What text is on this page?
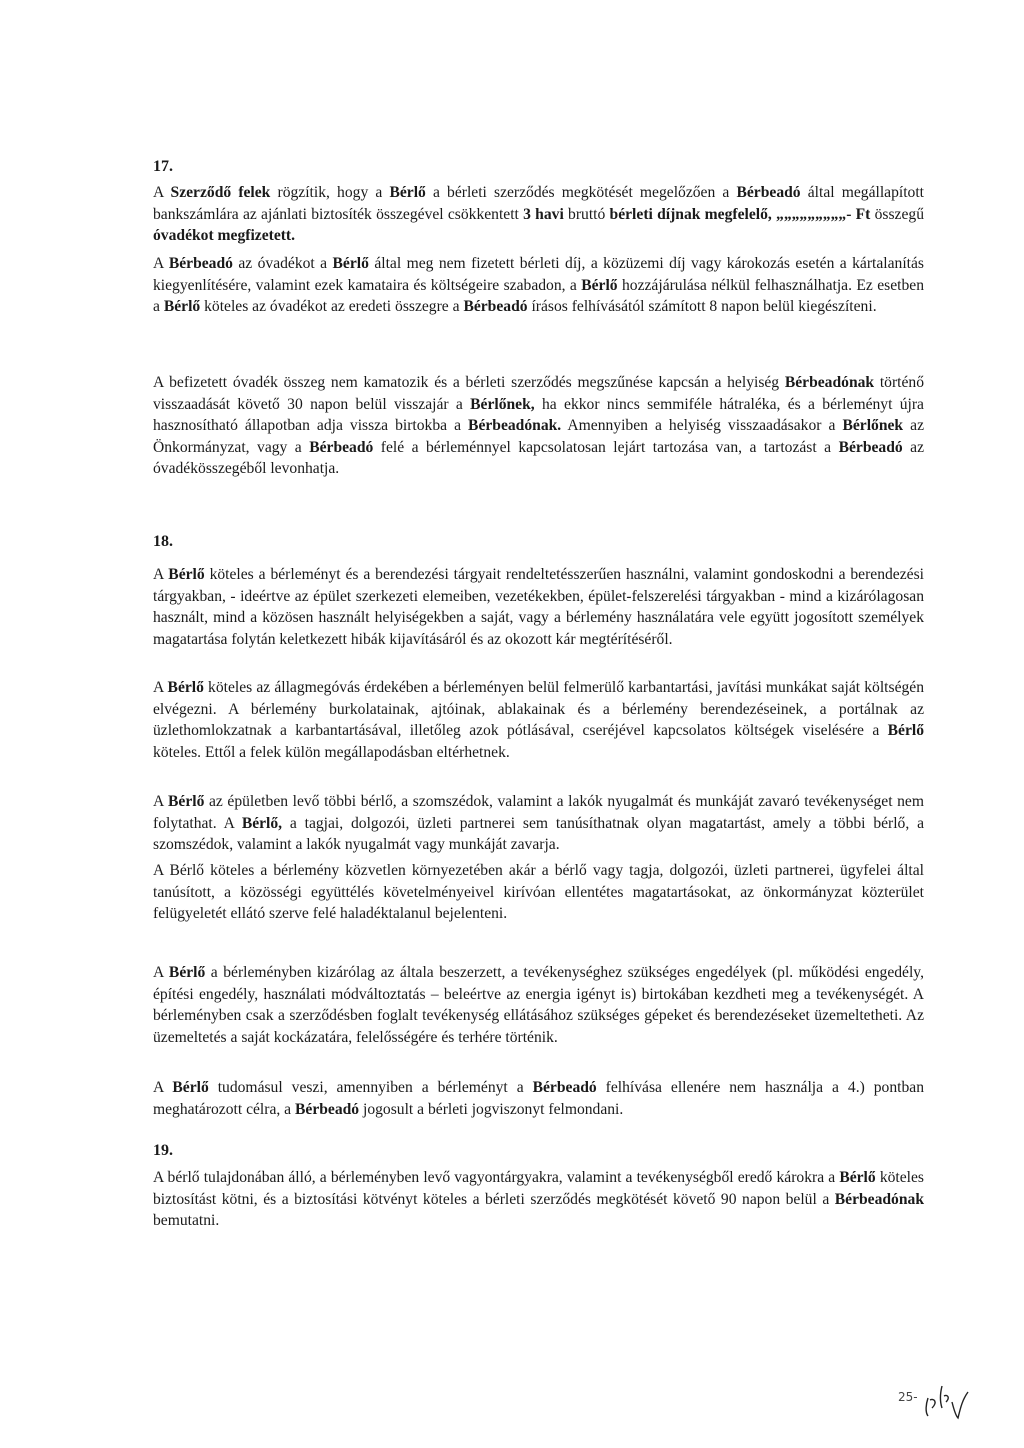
17.

A Szerződő felek rögzítik, hogy a Bérlő a bérleti szerződés megkötését megelőzően a Bérbeadó által megállapított bankszámlára az ajánlati biztosíték összegével csökkentett 3 havi bruttó bérleti díjnak megfelelő, „„„„„„„„„- Ft összegű óvadékot megfizetett.

A Bérbeadó az óvadékot a Bérlő által meg nem fizetett bérleti díj, a közüzemi díj vagy károkozás esetén a kártalanítás kiegyenlítésére, valamint ezek kamataira és költségeire szabadon, a Bérlő hozzájárulása nélkül felhasználhatja. Ez esetben a Bérlő köteles az óvadékot az eredeti összegre a Bérbeadó írásos felhívásától számított 8 napon belül kiegészíteni.

A befizetett óvadék összeg nem kamatozik és a bérleti szerződés megszűnése kapcsán a helyiség Bérbeadónak történő visszaadását követő 30 napon belül visszajár a Bérlőnek, ha ekkor nincs semmiféle hátraléka, és a bérleményt újra hasznosítható állapotban adja vissza birtokba a Bérbeadónak. Amennyiben a helyiség visszaadásakor a Bérlőnek az Önkormányzat, vagy a Bérbeadó felé a bérleménnyel kapcsolatosan lejárt tartozása van, a tartozást a Bérbeadó az óvadékösszegéből levonhatja.

18.

A Bérlő köteles a bérleményt és a berendezési tárgyait rendeltetésszerűen használni, valamint gondoskodni a berendezési tárgyakban, - ideértve az épület szerkezeti elemeiben, vezetékekben, épület-felszerelési tárgyakban - mind a kizárólagosan használt, mind a közösen használt helyiségekben a saját, vagy a bérlemény használatára vele együtt jogosított személyek magatartása folytán keletkezett hibák kijavításáról és az okozott kár megtérítéséről.

A Bérlő köteles az állagmegóvás érdekében a bérleményen belül felmerülő karbantartási, javítási munkákat saját költségén elvégezni. A bérlemény burkolatainak, ajtóinak, ablakainak és a bérlemény berendezéseinek, a portálnak az üzlethomlokzatnak a karbantartásával, illetőleg azok pótlásával, cseréjével kapcsolatos költségek viselésére a Bérlő köteles. Ettől a felek külön megállapodásban eltérhetnek.

A Bérlő az épületben levő többi bérlő, a szomszédok, valamint a lakók nyugalmát és munkáját zavaró tevékenységet nem folytathat. A Bérlő, a tagjai, dolgozói, üzleti partnerei sem tanúsíthatnak olyan magatartást, amely a többi bérlő, a szomszédok, valamint a lakók nyugalmát vagy munkáját zavarja.

A Bérlő köteles a bérlemény közvetlen környezetében akár a bérlő vagy tagja, dolgozói, üzleti partnerei, ügyfelei által tanúsított, a közösségi együttélés követelményeivel kirívóan ellentétes magatartásokat, az önkormányzat közterület felügyeletét ellátó szerve felé haladéktalanul bejelenteni.

A Bérlő a bérleményben kizárólag az általa beszerzett, a tevékenységhez szükséges engedélyek (pl. működési engedély, építési engedély, használati módváltoztatás – beleértve az energia igényt is) birtokában kezdheti meg a tevékenységét. A bérleményben csak a szerződésben foglalt tevékenység ellátásához szükséges gépeket és berendezéseket üzemeltetheti. Az üzemeltetés a saját kockázatára, felelősségére és terhére történik.

A Bérlő tudomásul veszi, amennyiben a bérleményt a Bérbeadó felhívása ellenére nem használja a 4.) pontban meghatározott célra, a Bérbeadó jogosult a bérleti jogviszonyt felmondani.

19.

A bérlő tulajdonában álló, a bérleményben levő vagyontárgyakra, valamint a tevékenységből eredő károkra a Bérlő köteles biztosítást kötni, és a biztosítási kötvényt köteles a bérleti szerződés megkötését követő 90 napon belül a Bérbeadónak bemutatni.

25-
